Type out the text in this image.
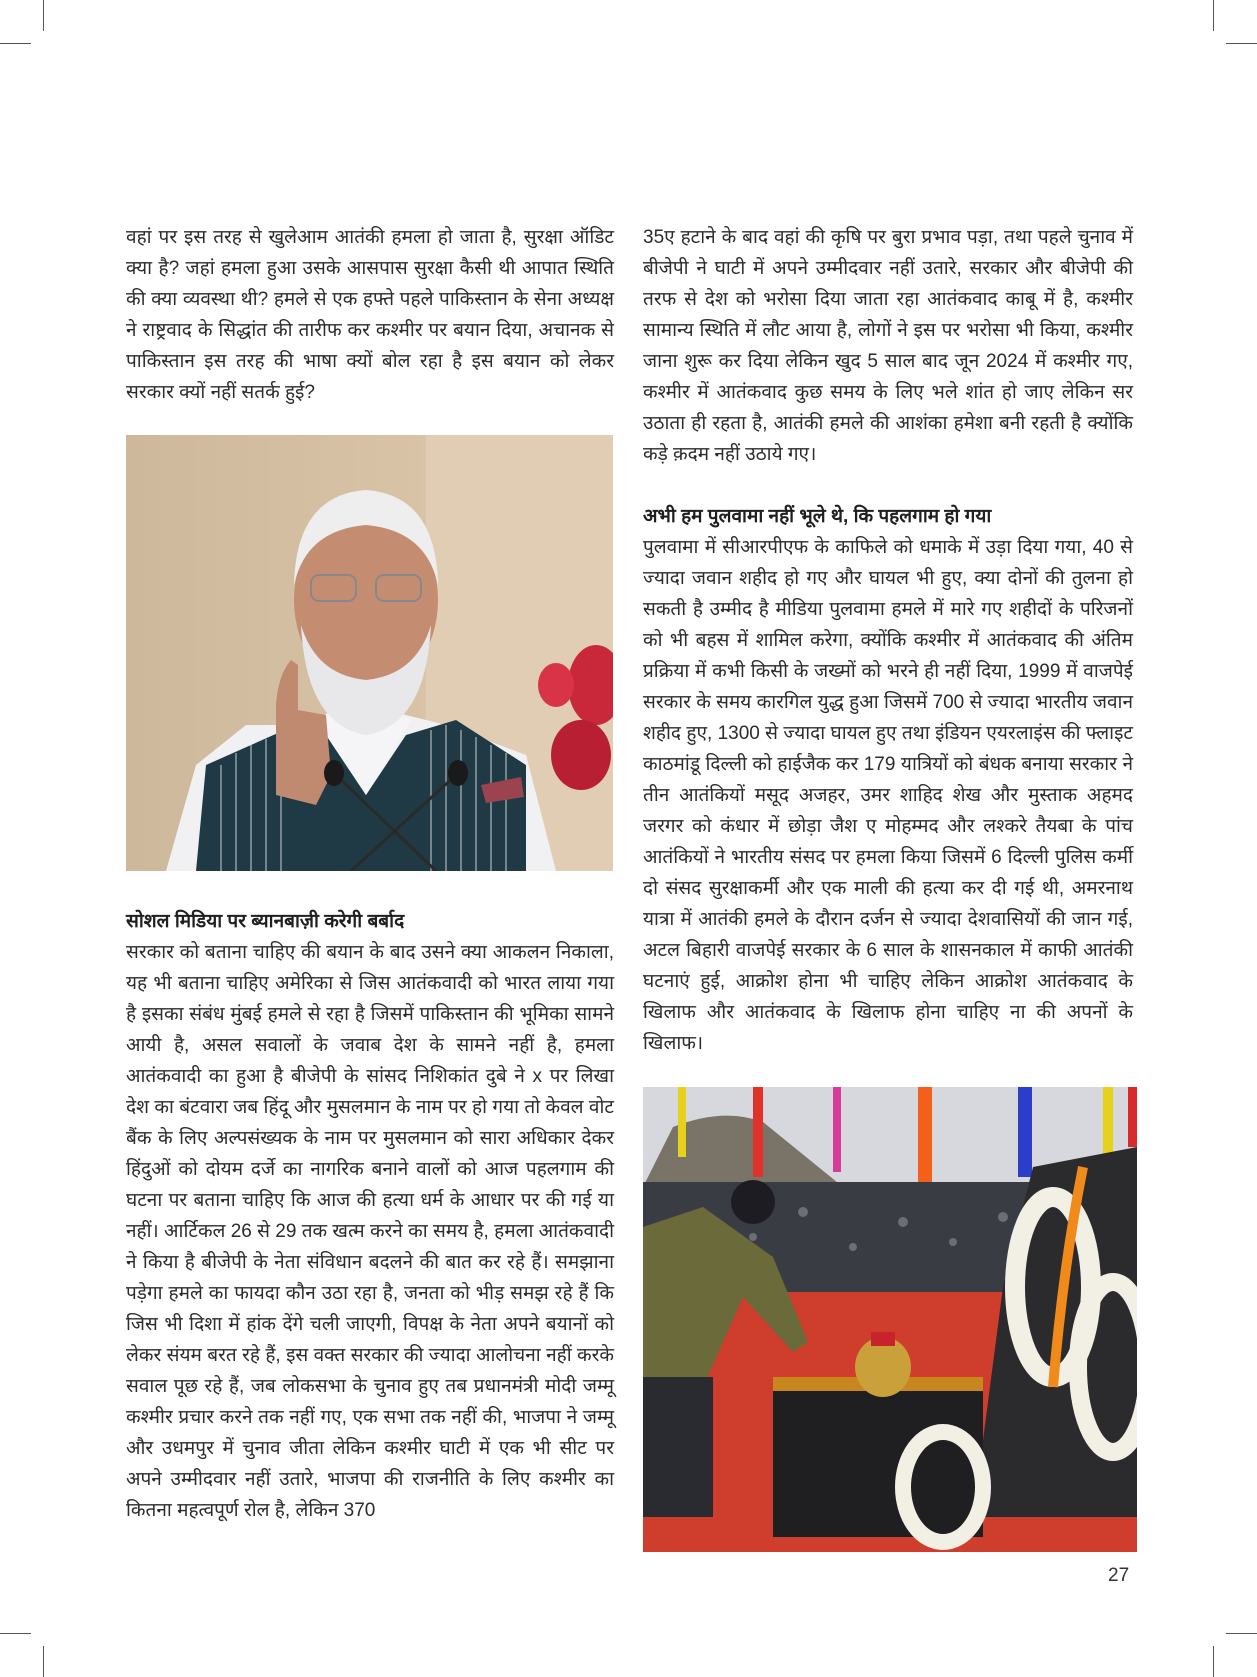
वहां पर इस तरह से खुलेआम आतंकी हमला हो जाता है, सुरक्षा ऑडिट क्या है? जहां हमला हुआ उसके आसपास सुरक्षा कैसी थी आपात स्थिति की क्या व्यवस्था थी? हमले से एक हफ्ते पहले पाकिस्तान के सेना अध्यक्ष ने राष्ट्रवाद के सिद्धांत की तारीफ कर कश्मीर पर बयान दिया, अचानक से पाकिस्तान इस तरह की भाषा क्यों बोल रहा है इस बयान को लेकर सरकार क्यों नहीं सतर्क हुई?

सोशल मिडिया पर ब्यानबाज़ी करेगी बर्बाद

सरकार को बताना चाहिए की बयान के बाद उसने क्या आकलन निकाला, यह भी बताना चाहिए अमेरिका से जिस आतंकवादी को भारत लाया गया है इसका संबंध मुंबई हमले से रहा है जिसमें पाकिस्तान की भूमिका सामने आयी है, असल सवालों के जवाब देश के सामने नहीं है, हमला आतंकवादी का हुआ है बीजेपी के सांसद निशिकांत दुबे ने x पर लिखा देश का बंटवारा जब हिंदू और मुसलमान के नाम पर हो गया तो केवल वोट बैंक के लिए अल्पसंख्यक के नाम पर मुसलमान को सारा अधिकार देकर हिंदुओं को दोयम दर्जे का नागरिक बनाने वालों को आज पहलगाम की घटना पर बताना चाहिए कि आज की हत्या धर्म के आधार पर की गई या नहीं। आर्टिकल 26 से 29 तक खत्म करने का समय है, हमला आतंकवादी ने किया है बीजेपी के नेता संविधान बदलने की बात कर रहे हैं। समझाना पड़ेगा हमले का फायदा कौन उठा रहा है, जनता को भीड़ समझ रहे हैं कि जिस भी दिशा में हांक देंगे चली जाएगी, विपक्ष के नेता अपने बयानों को लेकर संयम बरत रहे हैं, इस वक्त सरकार की ज्यादा आलोचना नहीं करके सवाल पूछ रहे हैं, जब लोकसभा के चुनाव हुए तब प्रधानमंत्री मोदी जम्मू कश्मीर प्रचार करने तक नहीं गए, एक सभा तक नहीं की, भाजपा ने जम्मू और उधमपुर में चुनाव जीता लेकिन कश्मीर घाटी में एक भी सीट पर अपने उम्मीदवार नहीं उतारे, भाजपा की राजनीति के लिए कश्मीर का कितना महत्वपूर्ण रोल है, लेकिन 370

35ए हटाने के बाद वहां की कृषि पर बुरा प्रभाव पड़ा, तथा पहले चुनाव में बीजेपी ने घाटी में अपने उम्मीदवार नहीं उतारे, सरकार और बीजेपी की तरफ से देश को भरोसा दिया जाता रहा आतंकवाद काबू में है, कश्मीर सामान्य स्थिति में लौट आया है, लोगों ने इस पर भरोसा भी किया, कश्मीर जाना शुरू कर दिया लेकिन खुद 5 साल बाद जून 2024 में कश्मीर गए, कश्मीर में आतंकवाद कुछ समय के लिए भले शांत हो जाए लेकिन सर उठाता ही रहता है, आतंकी हमले की आशंका हमेशा बनी रहती है क्योंकि कड़े क़दम नहीं उठाये गए।

अभी हम पुलवामा नहीं भूले थे, कि पहलगाम हो गया

पुलवामा में सीआरपीएफ के काफिले को धमाके में उड़ा दिया गया, 40 से ज्यादा जवान शहीद हो गए और घायल भी हुए, क्या दोनों की तुलना हो सकती है उम्मीद है मीडिया पुलवामा हमले में मारे गए शहीदों के परिजनों को भी बहस में शामिल करेगा, क्योंकि कश्मीर में आतंकवाद की अंतिम प्रक्रिया में कभी किसी के जख्मों को भरने ही नहीं दिया, 1999 में वाजपेई सरकार के समय कारगिल युद्ध हुआ जिसमें 700 से ज्यादा भारतीय जवान शहीद हुए, 1300 से ज्यादा घायल हुए तथा इंडियन एयरलाइंस की फ्लाइट काठमांडू दिल्ली को हाईजैक कर 179 यात्रियों को बंधक बनाया सरकार ने तीन आतंकियों मसूद अजहर, उमर शाहिद शेख और मुस्ताक अहमद जरगर को कंधार में छोड़ा जैश ए मोहम्मद और लश्करे तैयबा के पांच आतंकियों ने भारतीय संसद पर हमला किया जिसमें 6 दिल्ली पुलिस कर्मी दो संसद सुरक्षाकर्मी और एक माली की हत्या कर दी गई थी, अमरनाथ यात्रा में आतंकी हमले के दौरान दर्जन से ज्यादा देशवासियों की जान गई, अटल बिहारी वाजपेई सरकार के 6 साल के शासनकाल में काफी आतंकी घटनाएं हुई, आक्रोश होना भी चाहिए लेकिन आक्रोश आतंकवाद के खिलाफ और आतंकवाद के खिलाफ होना चाहिए ना की अपनों के खिलाफ।

27
